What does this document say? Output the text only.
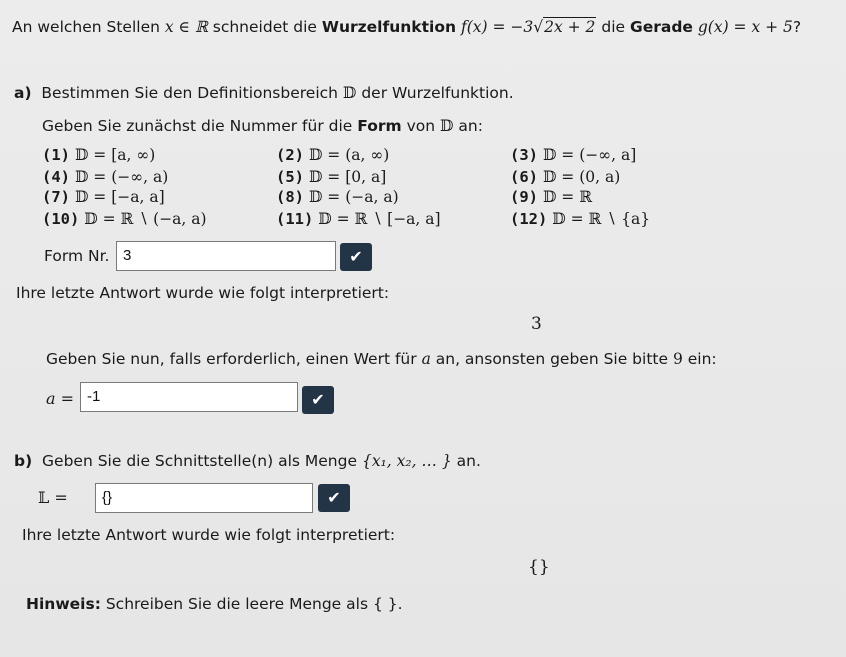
An welchen Stellen x ∈ ℝ schneidet die Wurzelfunktion f(x) = −3√2x + 2 die Gerade g(x) = x + 5?
a) Bestimmen Sie den Definitionsbereich 𝔻 der Wurzelfunktion.
Geben Sie zunächst die Nummer für die Form von 𝔻 an:
(1) 𝔻 = [a, ∞)	(2) 𝔻 = (a, ∞)	(3) 𝔻 = (−∞, a]
(4) 𝔻 = (−∞, a)	(5) 𝔻 = [0, a]	(6) 𝔻 = (0, a)
(7) 𝔻 = [−a, a]	(8) 𝔻 = (−a, a)	(9) 𝔻 = ℝ
(10) 𝔻 = ℝ ∖ (−a, a)	(11) 𝔻 = ℝ ∖ [−a, a]	(12) 𝔻 = ℝ ∖ {a}
Form Nr. 3	✔
Ihre letzte Antwort wurde wie folgt interpretiert:
3
Geben Sie nun, falls erforderlich, einen Wert für a an, ansonsten geben Sie bitte 9 ein:
a = -1	✔
b) Geben Sie die Schnittstelle(n) als Menge {x₁, x₂, … } an.
𝕃 =	{}	✔
Ihre letzte Antwort wurde wie folgt interpretiert:
{}
Hinweis: Schreiben Sie die leere Menge als { }.
